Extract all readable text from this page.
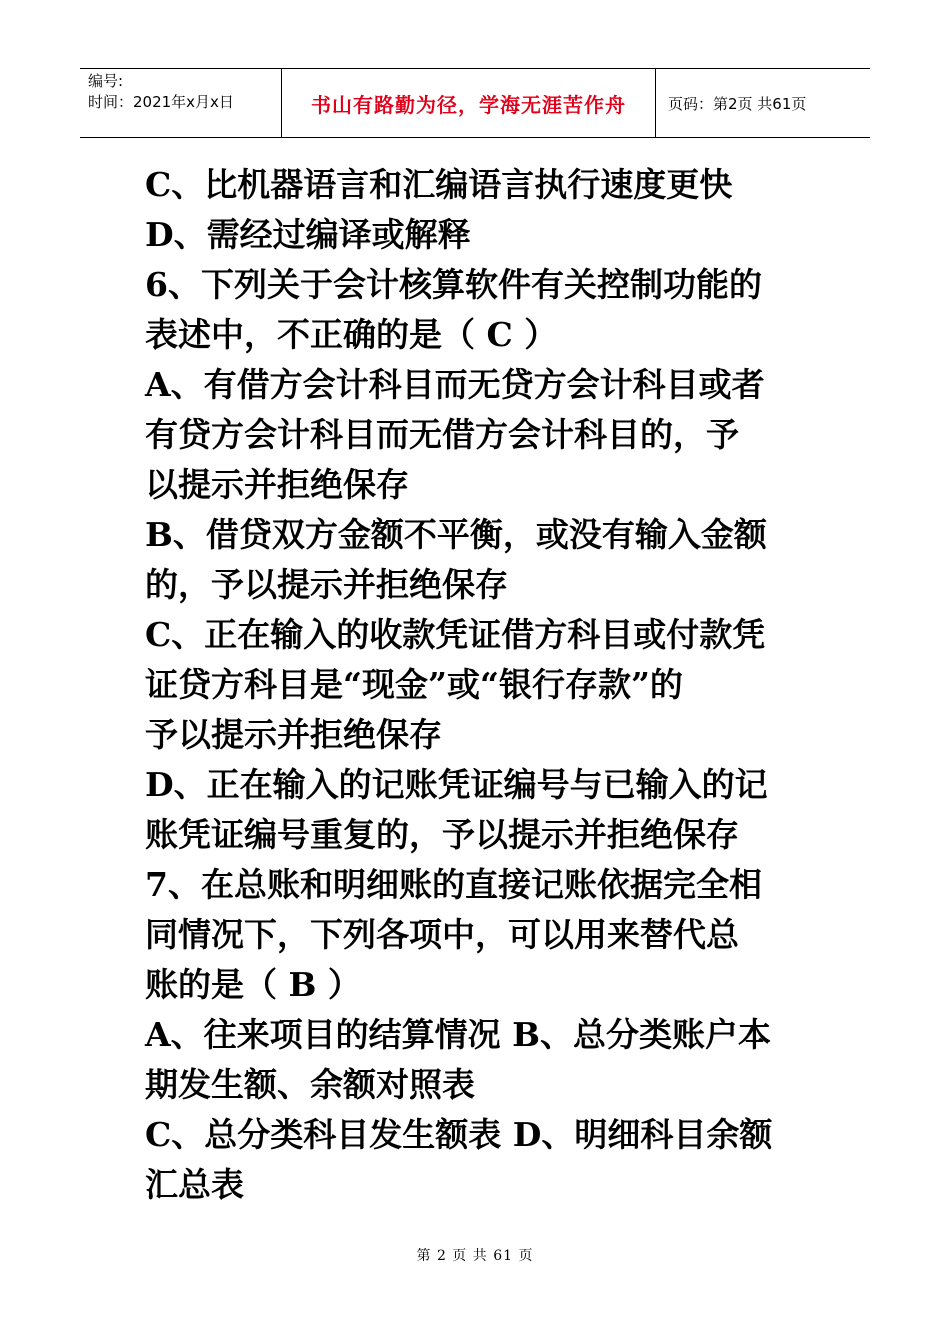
编号:
时间：2021年x月x日	书山有路勤为径，学海无涯苦作舟	页码：第2页 共61页
C、比机器语言和汇编语言执行速度更快
D、需经过编译或解释
6、下列关于会计核算软件有关控制功能的
表述中，不正确的是（ C ）
A、有借方会计科目而无贷方会计科目或者
有贷方会计科目而无借方会计科目的，予
以提示并拒绝保存
B、借贷双方金额不平衡，或没有输入金额
的，予以提示并拒绝保存
C、正在输入的收款凭证借方科目或付款凭
证贷方科目是“现金”或“银行存款”的
予以提示并拒绝保存
D、正在输入的记账凭证编号与已输入的记
账凭证编号重复的，予以提示并拒绝保存
7、在总账和明细账的直接记账依据完全相
同情况下，下列各项中，可以用来替代总
账的是（ B ）
A、往来项目的结算情况 B、总分类账户本
期发生额、余额对照表
C、总分类科目发生额表 D、明细科目余额
汇总表
第 2 页 共 61 页
